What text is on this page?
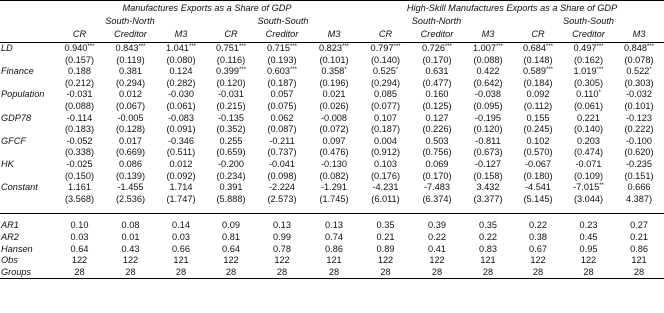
	Manufactures Exports as a Share of GDP						High-Skill Manufactures Exports as a Share of GDP					
	South-North			South-South			South-North			South-South		
	CR	Creditor	M3	CR	Creditor	M3	CR	Creditor	M3	CR	Creditor	M3
LD	0.940***	0.843***	1.041***	0.751***	0.715***	0.823***	0.797***	0.726***	1.007***	0.684***	0.497***	0.848***
	(0.157)	(0.119)	(0.080)	(0.116)	(0.193)	(0.101)	(0.140)	(0.170)	(0.088)	(0.148)	(0.162)	(0.078)
Finance	0.188	0.381	0.124	0.399***	0.603***	0.358*	0.525*	0.631	0.422	0.589***	1.019***	0.522*
	(0.212)	(0.294)	(0.282)	(0.120)	(0.187)	(0.196)	(0.294)	(0.477)	(0.642)	(0.184)	(0.305)	(0.303)
Population	-0.031	0.012	-0.030	-0.031	0.057	0.021	0.085	0.160	-0.038	0.092	0.110*	-0.032
	(0.088)	(0.067)	(0.061)	(0.215)	(0.075)	(0.026)	(0.077)	(0.125)	(0.095)	(0.112)	(0.061)	(0.101)
GDP78	-0.114	-0.005	-0.083	-0.135	0.062	-0.008	0.107	0.127	-0.195	0.155	0.221	-0.123
	(0.183)	(0.128)	(0.091)	(0.352)	(0.087)	(0.072)	(0.187)	(0.226)	(0.120)	(0.245)	(0.140)	(0.222)
GFCF	-0.052	0.017	-0.346	0.255	-0.211	0.097	0.004	0.503	-0.811	0.102	0.203	-0.100
	(0.338)	(0.669)	(0.511)	(0.659)	(0.737)	(0.476)	(0.912)	(0.756)	(0.673)	(0.570)	(0.474)	(0.620)
HK	-0.025	0.086	0.012	-0.200	-0.041	-0.130	0.103	0.069	-0.127	-0.067	-0.071	-0.235
	(0.150)	(0.139)	(0.092)	(0.234)	(0.098)	(0.082)	(0.176)	(0.170)	(0.158)	(0.180)	(0.109)	(0.151)
Constant	1.161	-1.455	1.714	0.391	-2.224	-1.291	-4.231	-7.483	3.432	-4.541	-7.015**	0.666
	(3.568)	(2.536)	(1.747)	(5.888)	(2.573)	(1.745)	(6.011)	(6.374)	(3.377)	(5.145)	(3.044)	4.387)

AR1	0.10	0.08	0.14	0.09	0.13	0.13	0.35	0.39	0.35	0.22	0.23	0.27
AR2	0.03	0.01	0.03	0.81	0.99	0.74	0.21	0.22	0.22	0.38	0.45	0.21
Hansen	0.64	0.43	0.66	0.64	0.78	0.86	0.89	0.41	0.83	0.67	0.95	0.86
Obs	122	122	121	122	122	121	122	122	121	122	122	121
Groups	28	28	28	28	28	28	28	28	28	28	28	28
